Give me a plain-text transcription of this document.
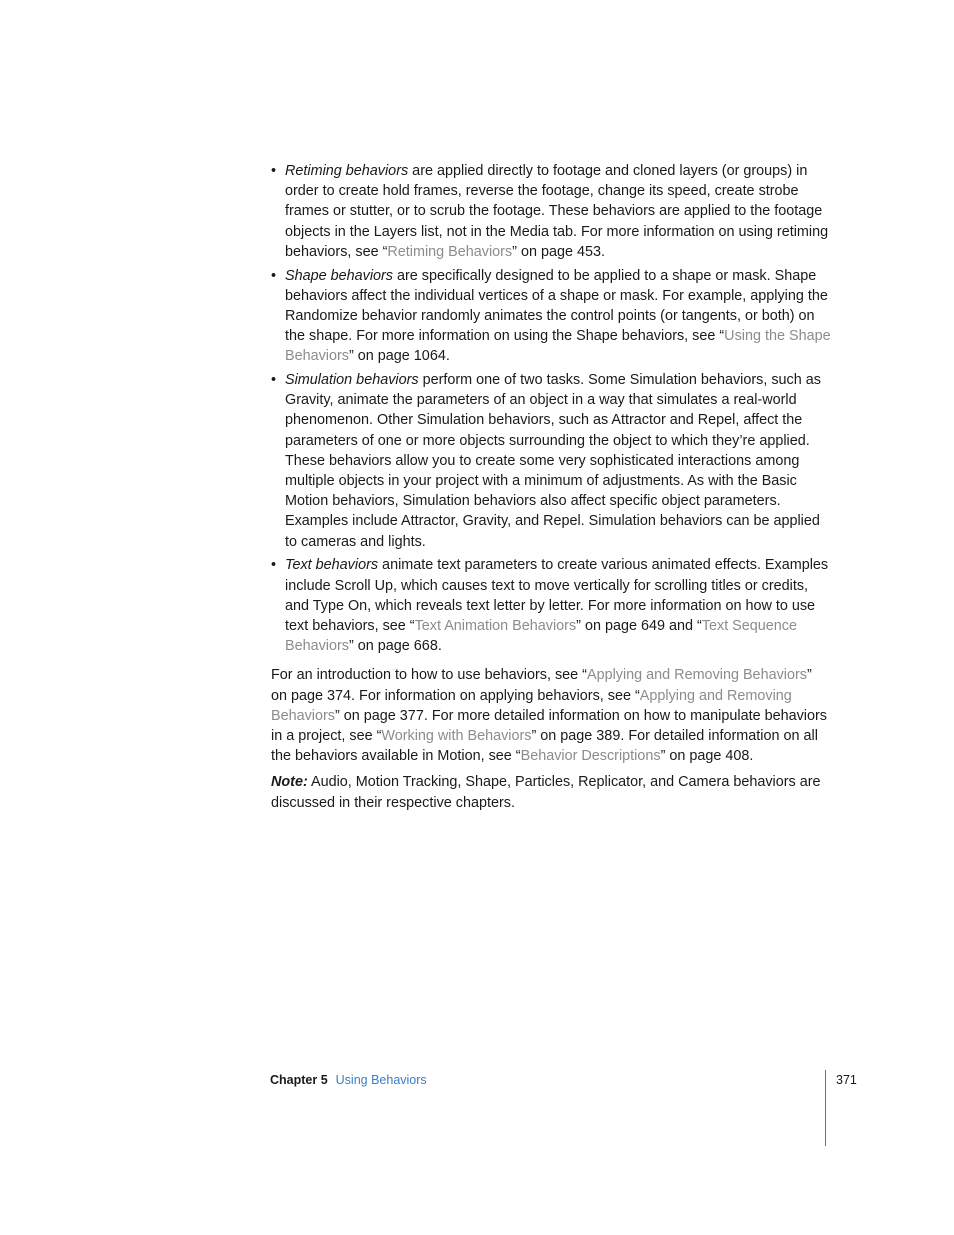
• Retiming behaviors are applied directly to footage and cloned layers (or groups) in order to create hold frames, reverse the footage, change its speed, create strobe frames or stutter, or to scrub the footage. These behaviors are applied to the footage objects in the Layers list, not in the Media tab. For more information on using retiming behaviors, see “Retiming Behaviors” on page 453.
• Shape behaviors are specifically designed to be applied to a shape or mask. Shape behaviors affect the individual vertices of a shape or mask. For example, applying the Randomize behavior randomly animates the control points (or tangents, or both) on the shape. For more information on using the Shape behaviors, see “Using the Shape Behaviors” on page 1064.
• Simulation behaviors perform one of two tasks. Some Simulation behaviors, such as Gravity, animate the parameters of an object in a way that simulates a real-world phenomenon. Other Simulation behaviors, such as Attractor and Repel, affect the parameters of one or more objects surrounding the object to which they’re applied. These behaviors allow you to create some very sophisticated interactions among multiple objects in your project with a minimum of adjustments. As with the Basic Motion behaviors, Simulation behaviors also affect specific object parameters. Examples include Attractor, Gravity, and Repel. Simulation behaviors can be applied to cameras and lights.
• Text behaviors animate text parameters to create various animated effects. Examples include Scroll Up, which causes text to move vertically for scrolling titles or credits, and Type On, which reveals text letter by letter. For more information on how to use text behaviors, see “Text Animation Behaviors” on page 649 and “Text Sequence Behaviors” on page 668.

For an introduction to how to use behaviors, see “Applying and Removing Behaviors” on page 374. For information on applying behaviors, see “Applying and Removing Behaviors” on page 377. For more detailed information on how to manipulate behaviors in a project, see “Working with Behaviors” on page 389. For detailed information on all the behaviors available in Motion, see “Behavior Descriptions” on page 408.

Note: Audio, Motion Tracking, Shape, Particles, Replicator, and Camera behaviors are discussed in their respective chapters.

Chapter 5 Using Behaviors	371
